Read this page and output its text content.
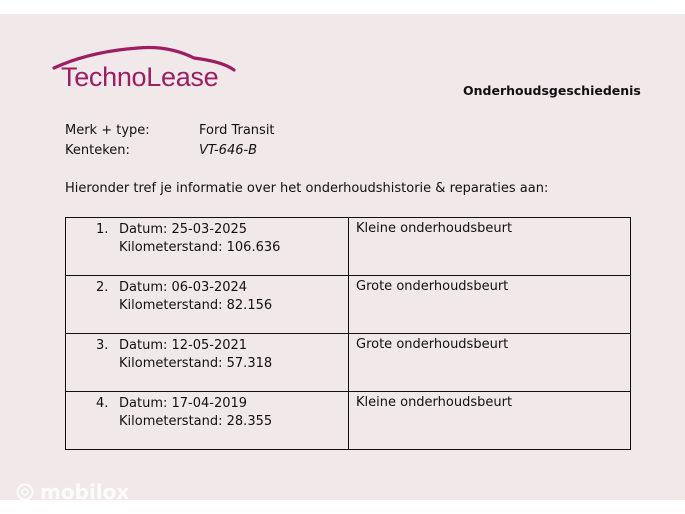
TechnoLease	Onderhoudsgeschiedenis
Merk + type:	Ford Transit
Kenteken:	VT-646-B
Hieronder tref je informatie over het onderhoudshistorie & reparaties aan:
1. Datum: 25-03-2025
Kilometerstand: 106.636	Kleine onderhoudsbeurt

2. Datum: 06-03-2024
Kilometerstand: 82.156	Grote onderhoudsbeurt

3. Datum: 12-05-2021
Kilometerstand: 57.318	Grote onderhoudsbeurt

4. Datum: 17-04-2019
Kilometerstand: 28.355	Kleine onderhoudsbeurt
mobilox
